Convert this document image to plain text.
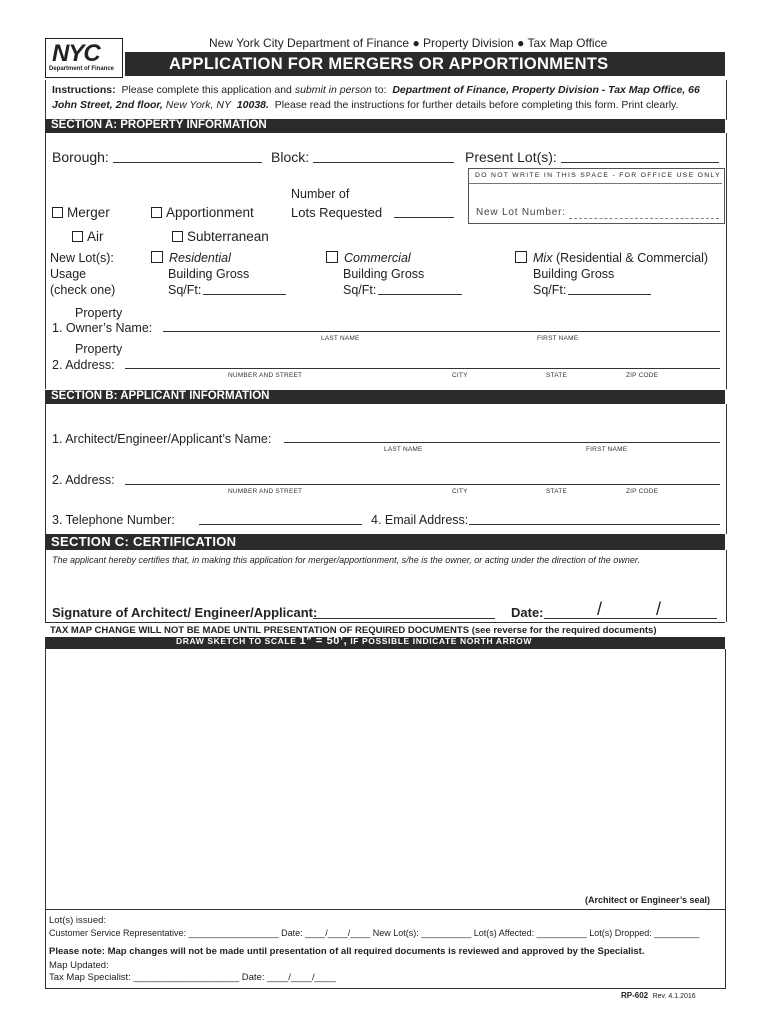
NYC
Department of Finance
New York City Department of Finance ● Property Division ● Tax Map Office
APPLICATION FOR MERGERS OR APPORTIONMENTS
Instructions: Please complete this application and submit in person to: Department of Finance, Property Division - Tax Map Office, 66
John Street, 2nd floor, New York, NY 10038. Please read the instructions for further details before completing this form. Print clearly.
SECTION A: PROPERTY INFORMATION
Borough:	Block:	Present Lot(s):
DO NOT WRITE IN THIS SPACE - FOR OFFICE USE ONLY
New Lot Number:
Number of
Lots Requested
Merger	Apportionment
Air	Subterranean
New Lot(s):
Usage
(check one)
Residential
Building Gross
Sq/Ft:
Commercial
Building Gross
Sq/Ft:
Mix (Residential & Commercial)
Building Gross
Sq/Ft:
Property
1. Owner’s Name:
LAST NAME	FIRST NAME
Property
2. Address:
NUMBER AND STREET	CITY	STATE	ZIP CODE
SECTION B: APPLICANT INFORMATION
1. Architect/Engineer/Applicant’s Name:
LAST NAME	FIRST NAME
2. Address:
NUMBER AND STREET	CITY	STATE	ZIP CODE
3. Telephone Number:	4. Email Address:
SECTION C: CERTIFICATION
The applicant hereby certifies that, in making this application for merger/apportionment, s/he is the owner, or acting under the direction of the owner.
Signature of Architect/ Engineer/Applicant:	Date:	/	/
TAX MAP CHANGE WILL NOT BE MADE UNTIL PRESENTATION OF REQUIRED DOCUMENTS (see reverse for the required documents)
DRAW SKETCH TO SCALE 1” = 50’, IF POSSIBLE INDICATE NORTH ARROW
(Architect or Engineer’s seal)
Lot(s) issued:
Customer Service Representative: __________________ Date: ____/____/____ New Lot(s): __________ Lot(s) Affected: __________ Lot(s) Dropped: _________
Please note: Map changes will not be made until presentation of all required documents is reviewed and approved by the Specialist.
Map Updated:
Tax Map Specialist: ____________________ Date: ____/____/____
RP-602 Rev. 4.1.2016
